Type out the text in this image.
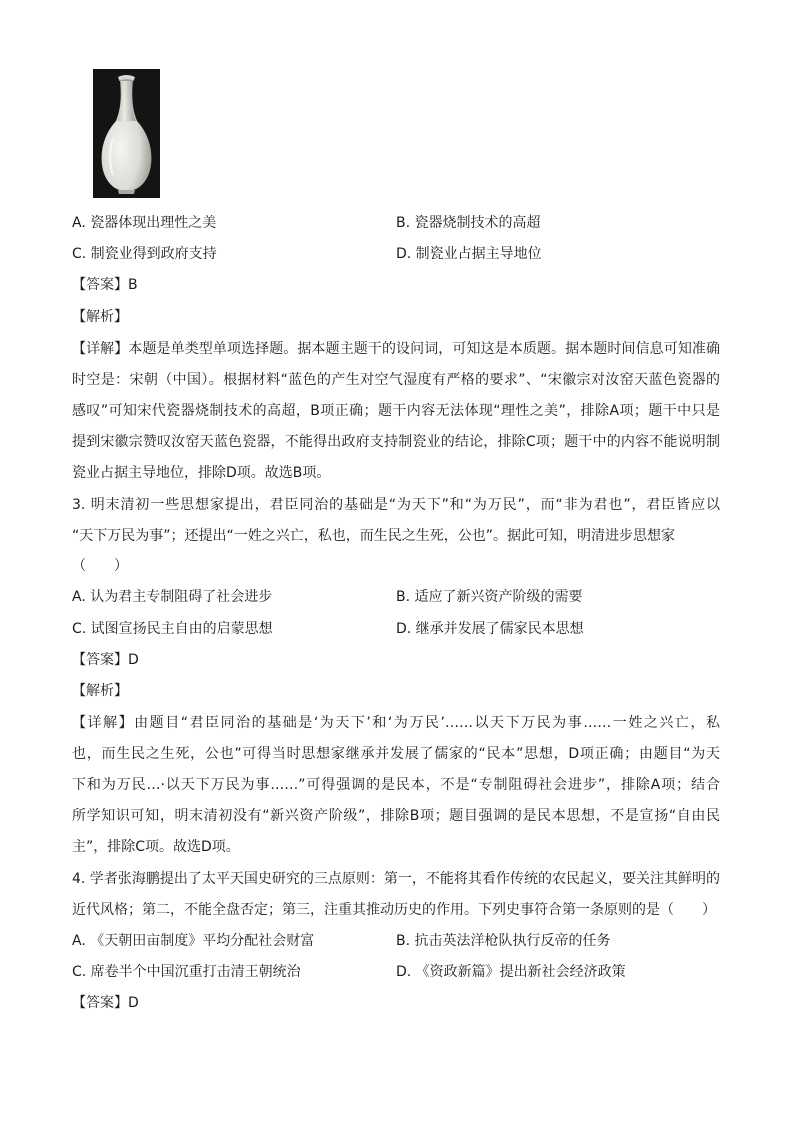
A. 瓷器体现出理性之美	B. 瓷器烧制技术的高超
C. 制瓷业得到政府支持	D. 制瓷业占据主导地位
【答案】B
【解析】
【详解】本题是单类型单项选择题。据本题主题干的设问词，可知这是本质题。据本题时间信息可知准确
时空是：宋朝（中国）。根据材料“蓝色的产生对空气湿度有严格的要求”、“宋徽宗对汝窑天蓝色瓷器的
感叹”可知宋代瓷器烧制技术的高超，B项正确；题干内容无法体现“理性之美”，排除A项；题干中只是
提到宋徽宗赞叹汝窑天蓝色瓷器，不能得出政府支持制瓷业的结论，排除C项；题干中的内容不能说明制
瓷业占据主导地位，排除D项。故选B项。
3. 明末清初一些思想家提出，君臣同治的基础是“为天下”和“为万民”，而“非为君也”，君臣皆应以
“天下万民为事”；还提出“一姓之兴亡，私也，而生民之生死，公也”。据此可知，明清进步思想家
（　　）
A. 认为君主专制阻碍了社会进步	B. 适应了新兴资产阶级的需要
C. 试图宣扬民主自由的启蒙思想	D. 继承并发展了儒家民本思想
【答案】D
【解析】
【详解】由题目“君臣同治的基础是‘为天下’和‘为万民’……以天下万民为事……一姓之兴亡，私
也，而生民之生死，公也”可得当时思想家继承并发展了儒家的“民本”思想，D项正确；由题目“为天
下和为万民…·以天下万民为事……”可得强调的是民本，不是“专制阻碍社会进步”，排除A项；结合
所学知识可知，明末清初没有“新兴资产阶级”，排除B项；题目强调的是民本思想，不是宣扬“自由民
主”，排除C项。故选D项。
4. 学者张海鹏提出了太平天国史研究的三点原则：第一，不能将其看作传统的农民起义，要关注其鲜明的
近代风格；第二，不能全盘否定；第三，注重其推动历史的作用。下列史事符合第一条原则的是（　　）
A. 《天朝田亩制度》平均分配社会财富	B. 抗击英法洋枪队执行反帝的任务
C. 席卷半个中国沉重打击清王朝统治	D. 《资政新篇》提出新社会经济政策
【答案】D
